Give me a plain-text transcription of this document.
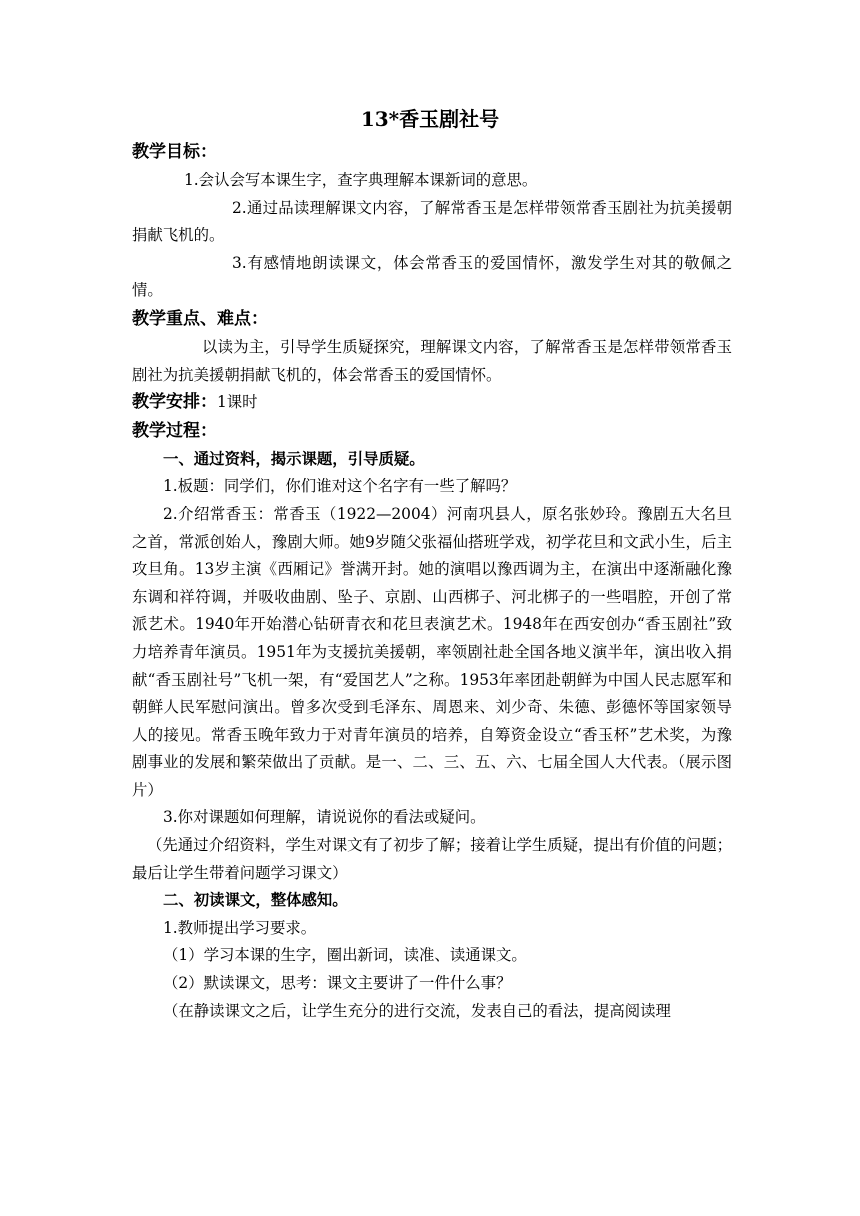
13*香玉剧社号

教学目标：

1.会认会写本课生字，查字典理解本课新词的意思。

2.通过品读理解课文内容，了解常香玉是怎样带领常香玉剧社为抗美援朝捐献飞机的。

3.有感情地朗读课文，体会常香玉的爱国情怀，激发学生对其的敬佩之情。

教学重点、难点：

以读为主，引导学生质疑探究，理解课文内容，了解常香玉是怎样带领常香玉剧社为抗美援朝捐献飞机的，体会常香玉的爱国情怀。

教学安排：1课时

教学过程：

一、通过资料，揭示课题，引导质疑。

1.板题：同学们，你们谁对这个名字有一些了解吗？

2.介绍常香玉：常香玉（1922—2004）河南巩县人，原名张妙玲。豫剧五大名旦之首，常派创始人，豫剧大师。她9岁随父张福仙搭班学戏，初学花旦和文武小生，后主攻旦角。13岁主演《西厢记》誉满开封。她的演唱以豫西调为主，在演出中逐渐融化豫东调和祥符调，并吸收曲剧、坠子、京剧、山西梆子、河北梆子的一些唱腔，开创了常派艺术。1940年开始潜心钻研青衣和花旦表演艺术。1948年在西安创办“香玉剧社”致力培养青年演员。1951年为支援抗美援朝，率领剧社赴全国各地义演半年，演出收入捐献“香玉剧社号”飞机一架，有“爱国艺人”之称。1953年率团赴朝鲜为中国人民志愿军和朝鲜人民军慰问演出。曾多次受到毛泽东、周恩来、刘少奇、朱德、彭德怀等国家领导人的接见。常香玉晚年致力于对青年演员的培养，自筹资金设立“香玉杯”艺术奖，为豫剧事业的发展和繁荣做出了贡献。是一、二、三、五、六、七届全国人大代表。（展示图片）

3.你对课题如何理解，请说说你的看法或疑问。

（先通过介绍资料，学生对课文有了初步了解；接着让学生质疑，提出有价值的问题；最后让学生带着问题学习课文）

二、初读课文，整体感知。

1.教师提出学习要求。

（1）学习本课的生字，圈出新词，读准、读通课文。

（2）默读课文，思考：课文主要讲了一件什么事？

（在静读课文之后，让学生充分的进行交流，发表自己的看法，提高阅读理
